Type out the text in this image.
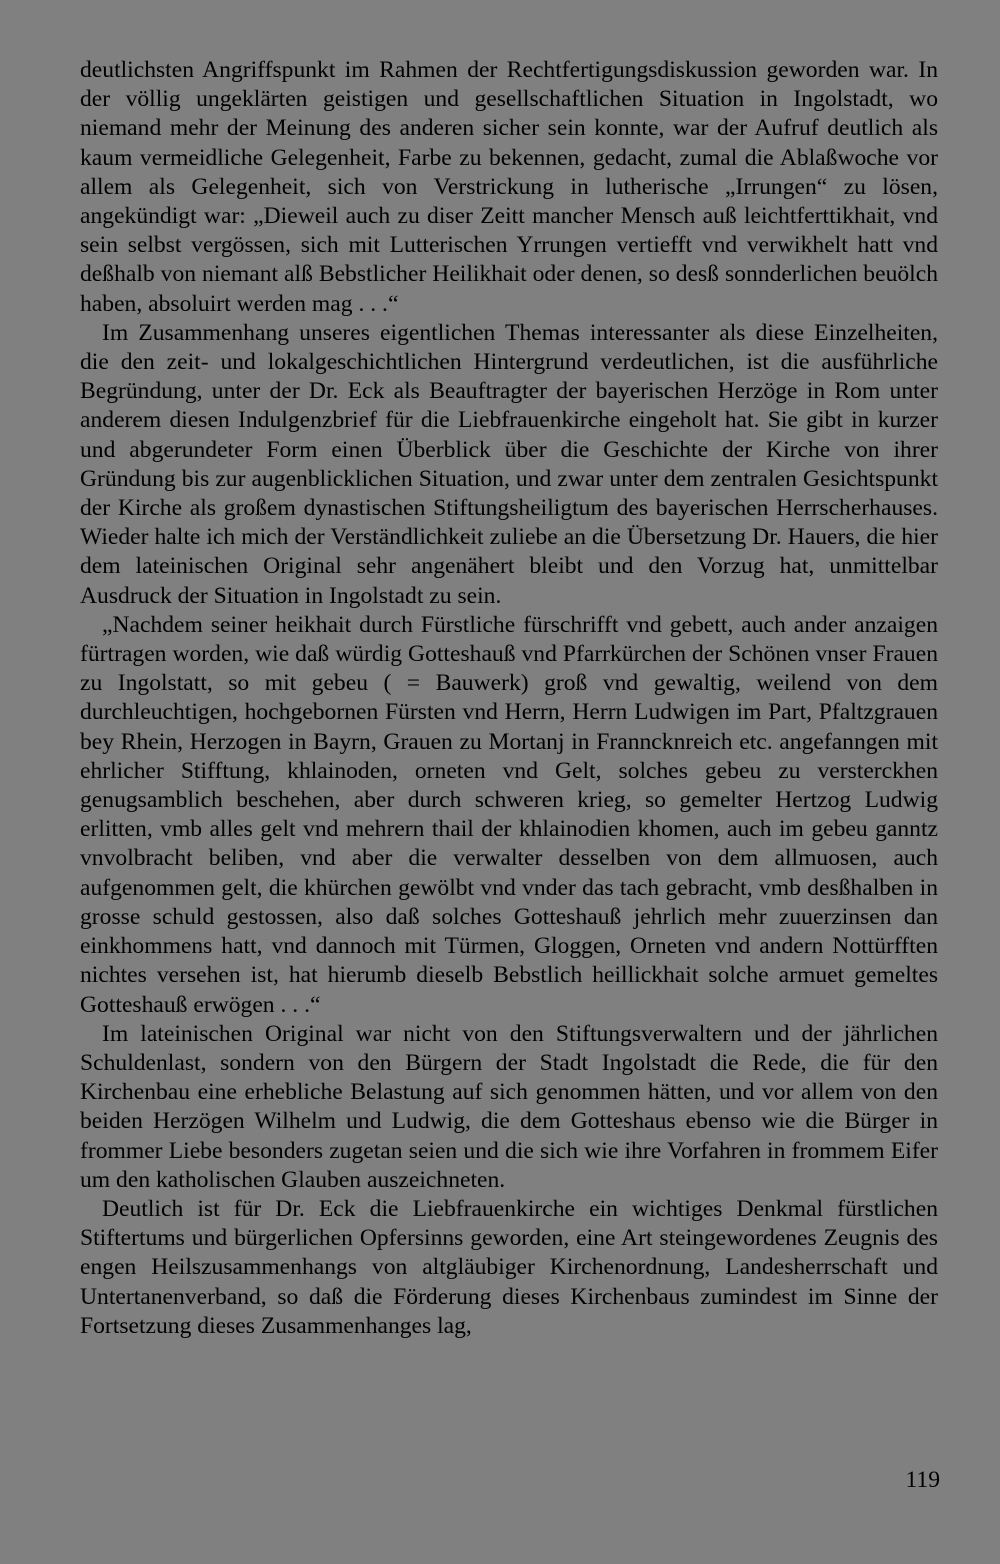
deutlichsten Angriffspunkt im Rahmen der Rechtfertigungsdiskussion geworden war. In der völlig ungeklärten geistigen und gesellschaftlichen Situation in Ingolstadt, wo niemand mehr der Meinung des anderen sicher sein konnte, war der Aufruf deutlich als kaum vermeidliche Gelegenheit, Farbe zu bekennen, gedacht, zumal die Ablaßwoche vor allem als Gelegenheit, sich von Verstrickung in lutherische „Irrungen“ zu lösen, angekündigt war: „Dieweil auch zu diser Zeitt mancher Mensch auß leichtferttikhait, vnd sein selbst vergössen, sich mit Lutterischen Yrrungen vertiefft vnd verwikhelt hatt vnd deßhalb von niemant alß Bebstlicher Heilikhait oder denen, so desß sonnderlichen beuölch haben, absoluirt werden mag . . .“

Im Zusammenhang unseres eigentlichen Themas interessanter als diese Einzelheiten, die den zeit- und lokalgeschichtlichen Hintergrund verdeutlichen, ist die ausführliche Begründung, unter der Dr. Eck als Beauftragter der bayerischen Herzöge in Rom unter anderem diesen Indulgenzbrief für die Liebfrauenkirche eingeholt hat. Sie gibt in kurzer und abgerundeter Form einen Überblick über die Geschichte der Kirche von ihrer Gründung bis zur augenblicklichen Situation, und zwar unter dem zentralen Gesichtspunkt der Kirche als großem dynastischen Stiftungsheiligtum des bayerischen Herrscherhauses. Wieder halte ich mich der Verständlichkeit zuliebe an die Übersetzung Dr. Hauers, die hier dem lateinischen Original sehr angenähert bleibt und den Vorzug hat, unmittelbar Ausdruck der Situation in Ingolstadt zu sein.

„Nachdem seiner heikhait durch Fürstliche fürschrifft vnd gebett, auch ander anzaigen fürtragen worden, wie daß würdig Gotteshauß vnd Pfarrkürchen der Schönen vnser Frauen zu Ingolstatt, so mit gebeu ( = Bauwerk) groß vnd gewaltig, weilend von dem durchleuchtigen, hochgebornen Fürsten vnd Herrn, Herrn Ludwigen im Part, Pfaltzgrauen bey Rhein, Herzogen in Bayrn, Grauen zu Mortanj in Franncknreich etc. angefanngen mit ehrlicher Stifftung, khlainoden, orneten vnd Gelt, solches gebeu zu versterckhen genugsamblich beschehen, aber durch schweren krieg, so gemelter Hertzog Ludwig erlitten, vmb alles gelt vnd mehrern thail der khlainodien khomen, auch im gebeu ganntz vnvolbracht beliben, vnd aber die verwalter desselben von dem allmuosen, auch aufgenommen gelt, die khürchen gewölbt vnd vnder das tach gebracht, vmb desßhalben in grosse schuld gestossen, also daß solches Gotteshauß jehrlich mehr zuuerzinsen dan einkhommens hatt, vnd dannoch mit Türmen, Gloggen, Orneten vnd andern Nottürfften nichtes versehen ist, hat hierumb dieselb Bebstlich heillickhait solche armuet gemeltes Gotteshauß erwögen . . .“

Im lateinischen Original war nicht von den Stiftungsverwaltern und der jährlichen Schuldenlast, sondern von den Bürgern der Stadt Ingolstadt die Rede, die für den Kirchenbau eine erhebliche Belastung auf sich genommen hätten, und vor allem von den beiden Herzögen Wilhelm und Ludwig, die dem Gotteshaus ebenso wie die Bürger in frommer Liebe besonders zugetan seien und die sich wie ihre Vorfahren in frommem Eifer um den katholischen Glauben auszeichneten.

Deutlich ist für Dr. Eck die Liebfrauenkirche ein wichtiges Denkmal fürstlichen Stiftertums und bürgerlichen Opfersinns geworden, eine Art steingewordenes Zeugnis des engen Heilszusammenhangs von altgläubiger Kirchenordnung, Landesherrschaft und Untertanenverband, so daß die Förderung dieses Kirchenbaus zumindest im Sinne der Fortsetzung dieses Zusammenhanges lag,

119
